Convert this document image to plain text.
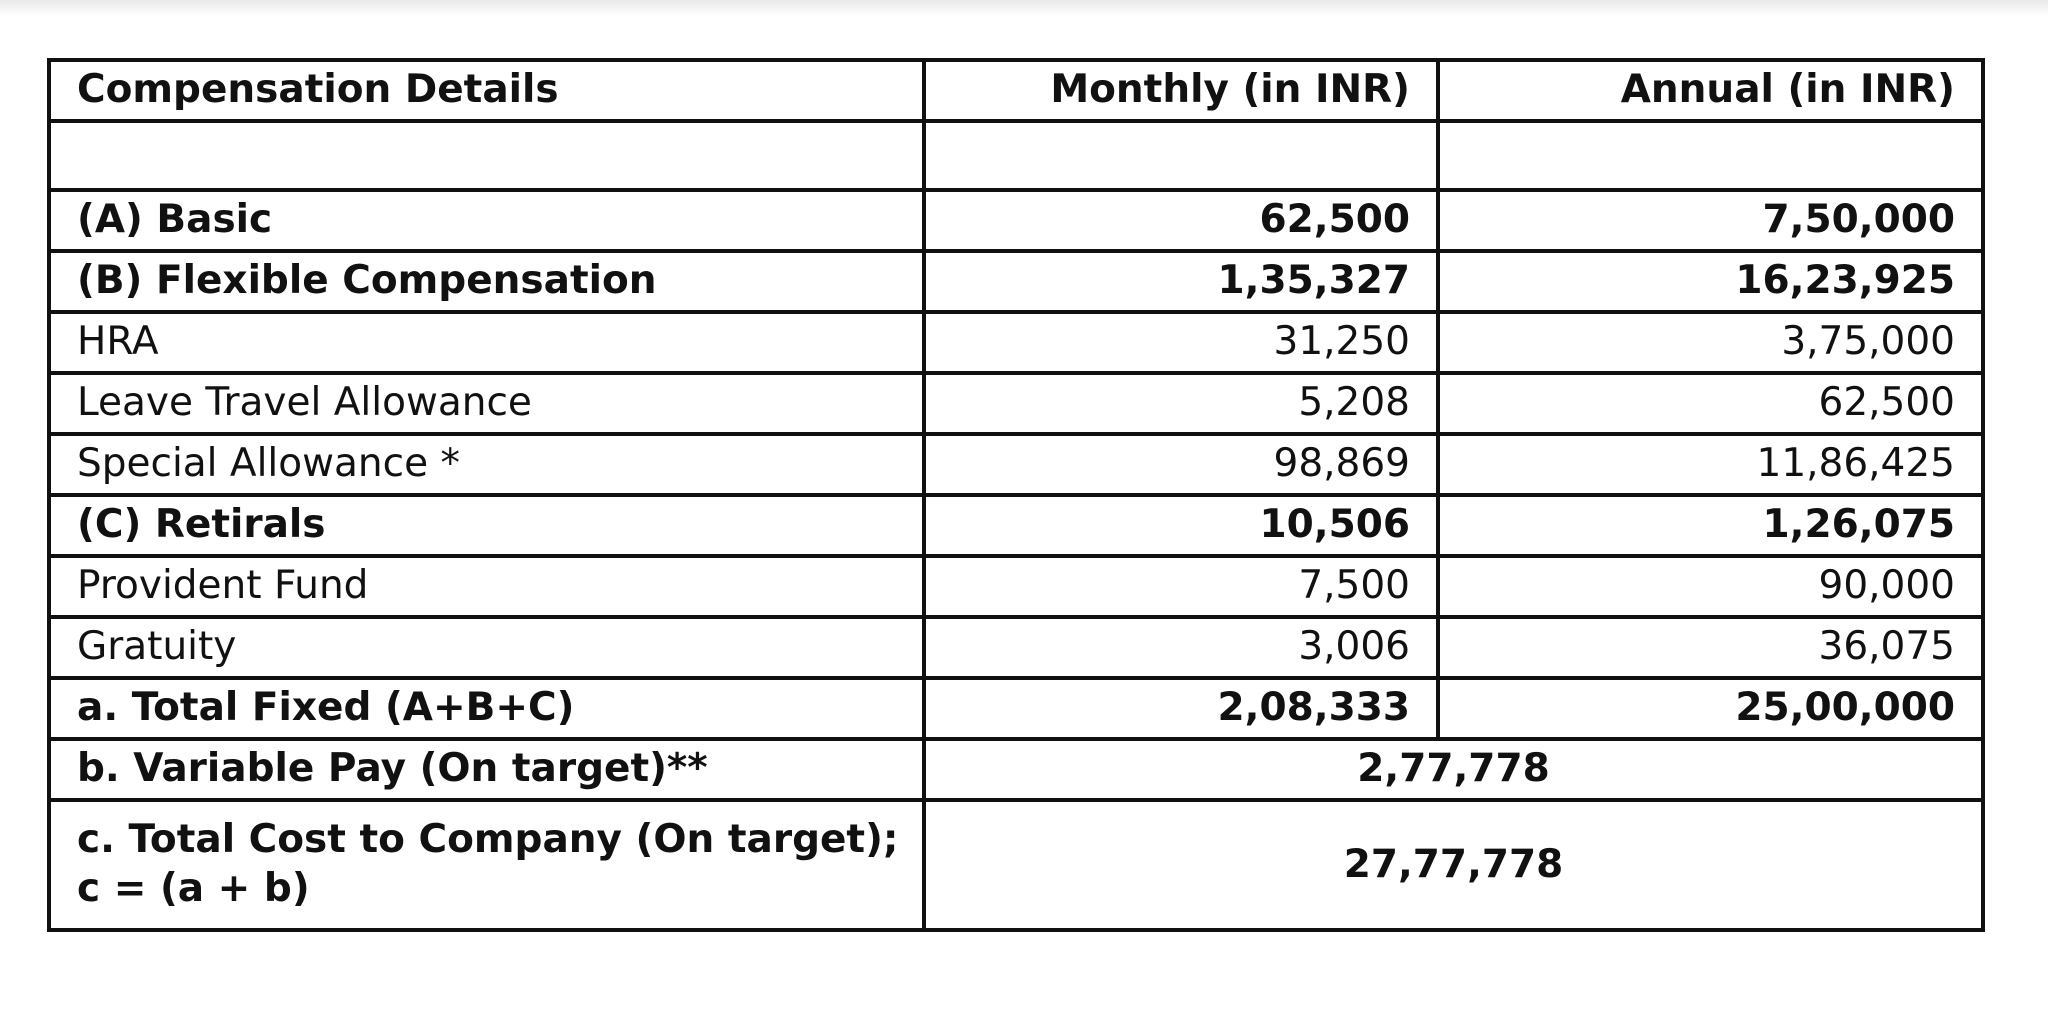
Compensation Details	Monthly (in INR)	Annual (in INR)

(A) Basic	62,500	7,50,000
(B) Flexible Compensation	1,35,327	16,23,925
HRA	31,250	3,75,000
Leave Travel Allowance	5,208	62,500
Special Allowance *	98,869	11,86,425
(C) Retirals	10,506	1,26,075
Provident Fund	7,500	90,000
Gratuity	3,006	36,075
a. Total Fixed (A+B+C)	2,08,333	25,00,000
b. Variable Pay (On target)**	2,77,778	

c. Total Cost to Company (On target);
c = (a + b)	27,77,778	
